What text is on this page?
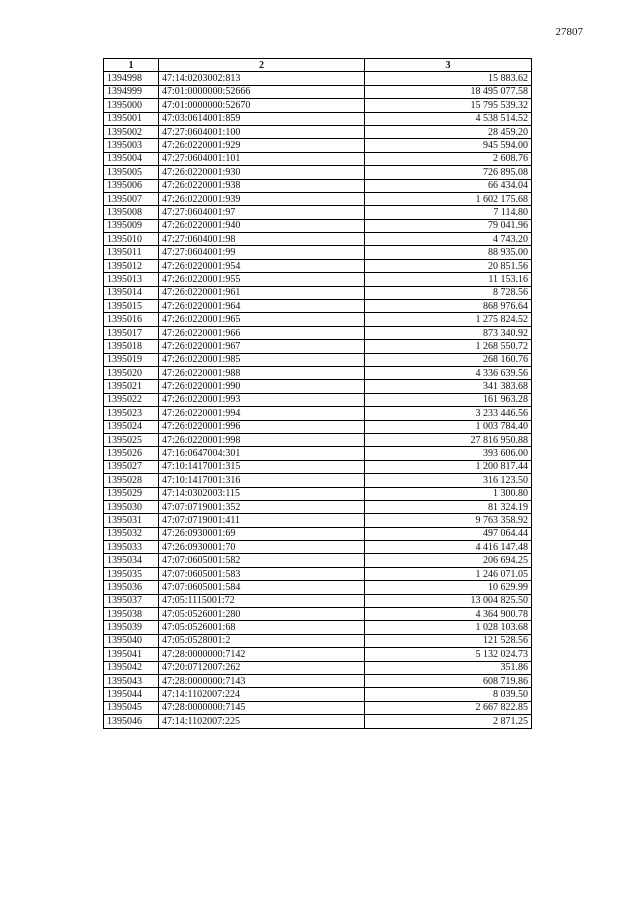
27807
1	2	3
1394998	47:14:0203002:813	15 883.62
1394999	47:01:0000000:52666	18 495 077.58
1395000	47:01:0000000:52670	15 795 539.32
1395001	47:03:0614001:859	4 538 514.52
1395002	47:27:0604001:100	28 459.20
1395003	47:26:0220001:929	945 594.00
1395004	47:27:0604001:101	2 608.76
1395005	47:26:0220001:930	726 895.08
1395006	47:26:0220001:938	66 434.04
1395007	47:26:0220001:939	1 602 175.68
1395008	47:27:0604001:97	7 114.80
1395009	47:26:0220001:940	79 041.96
1395010	47:27:0604001:98	4 743.20
1395011	47:27:0604001:99	88 935.00
1395012	47:26:0220001:954	20 851.56
1395013	47:26:0220001:955	11 153.16
1395014	47:26:0220001:961	8 728.56
1395015	47:26:0220001:964	868 976.64
1395016	47:26:0220001:965	1 275 824.52
1395017	47:26:0220001:966	873 340.92
1395018	47:26:0220001:967	1 268 550.72
1395019	47:26:0220001:985	268 160.76
1395020	47:26:0220001:988	4 336 639.56
1395021	47:26:0220001:990	341 383.68
1395022	47:26:0220001:993	161 963.28
1395023	47:26:0220001:994	3 233 446.56
1395024	47:26:0220001:996	1 003 784.40
1395025	47:26:0220001:998	27 816 950.88
1395026	47:16:0647004:301	393 606.00
1395027	47:10:1417001:315	1 200 817.44
1395028	47:10:1417001:316	316 123.50
1395029	47:14:0302003:115	1 300.80
1395030	47:07:0719001:352	81 324.19
1395031	47:07:0719001:411	9 763 358.92
1395032	47:26:0930001:69	497 064.44
1395033	47:26:0930001:70	4 416 147.48
1395034	47:07:0605001:582	206 694.25
1395035	47:07:0605001:583	1 246 071.05
1395036	47:07:0605001:584	10 629.99
1395037	47:05:1115001:72	13 004 825.50
1395038	47:05:0526001:280	4 364 900.78
1395039	47:05:0526001:68	1 028 103.68
1395040	47:05:0528001:2	121 528.56
1395041	47:28:0000000:7142	5 132 024.73
1395042	47:20:0712007:262	351.86
1395043	47:28:0000000:7143	608 719.86
1395044	47:14:1102007:224	8 039.50
1395045	47:28:0000000:7145	2 667 822.85
1395046	47:14:1102007:225	2 871.25
